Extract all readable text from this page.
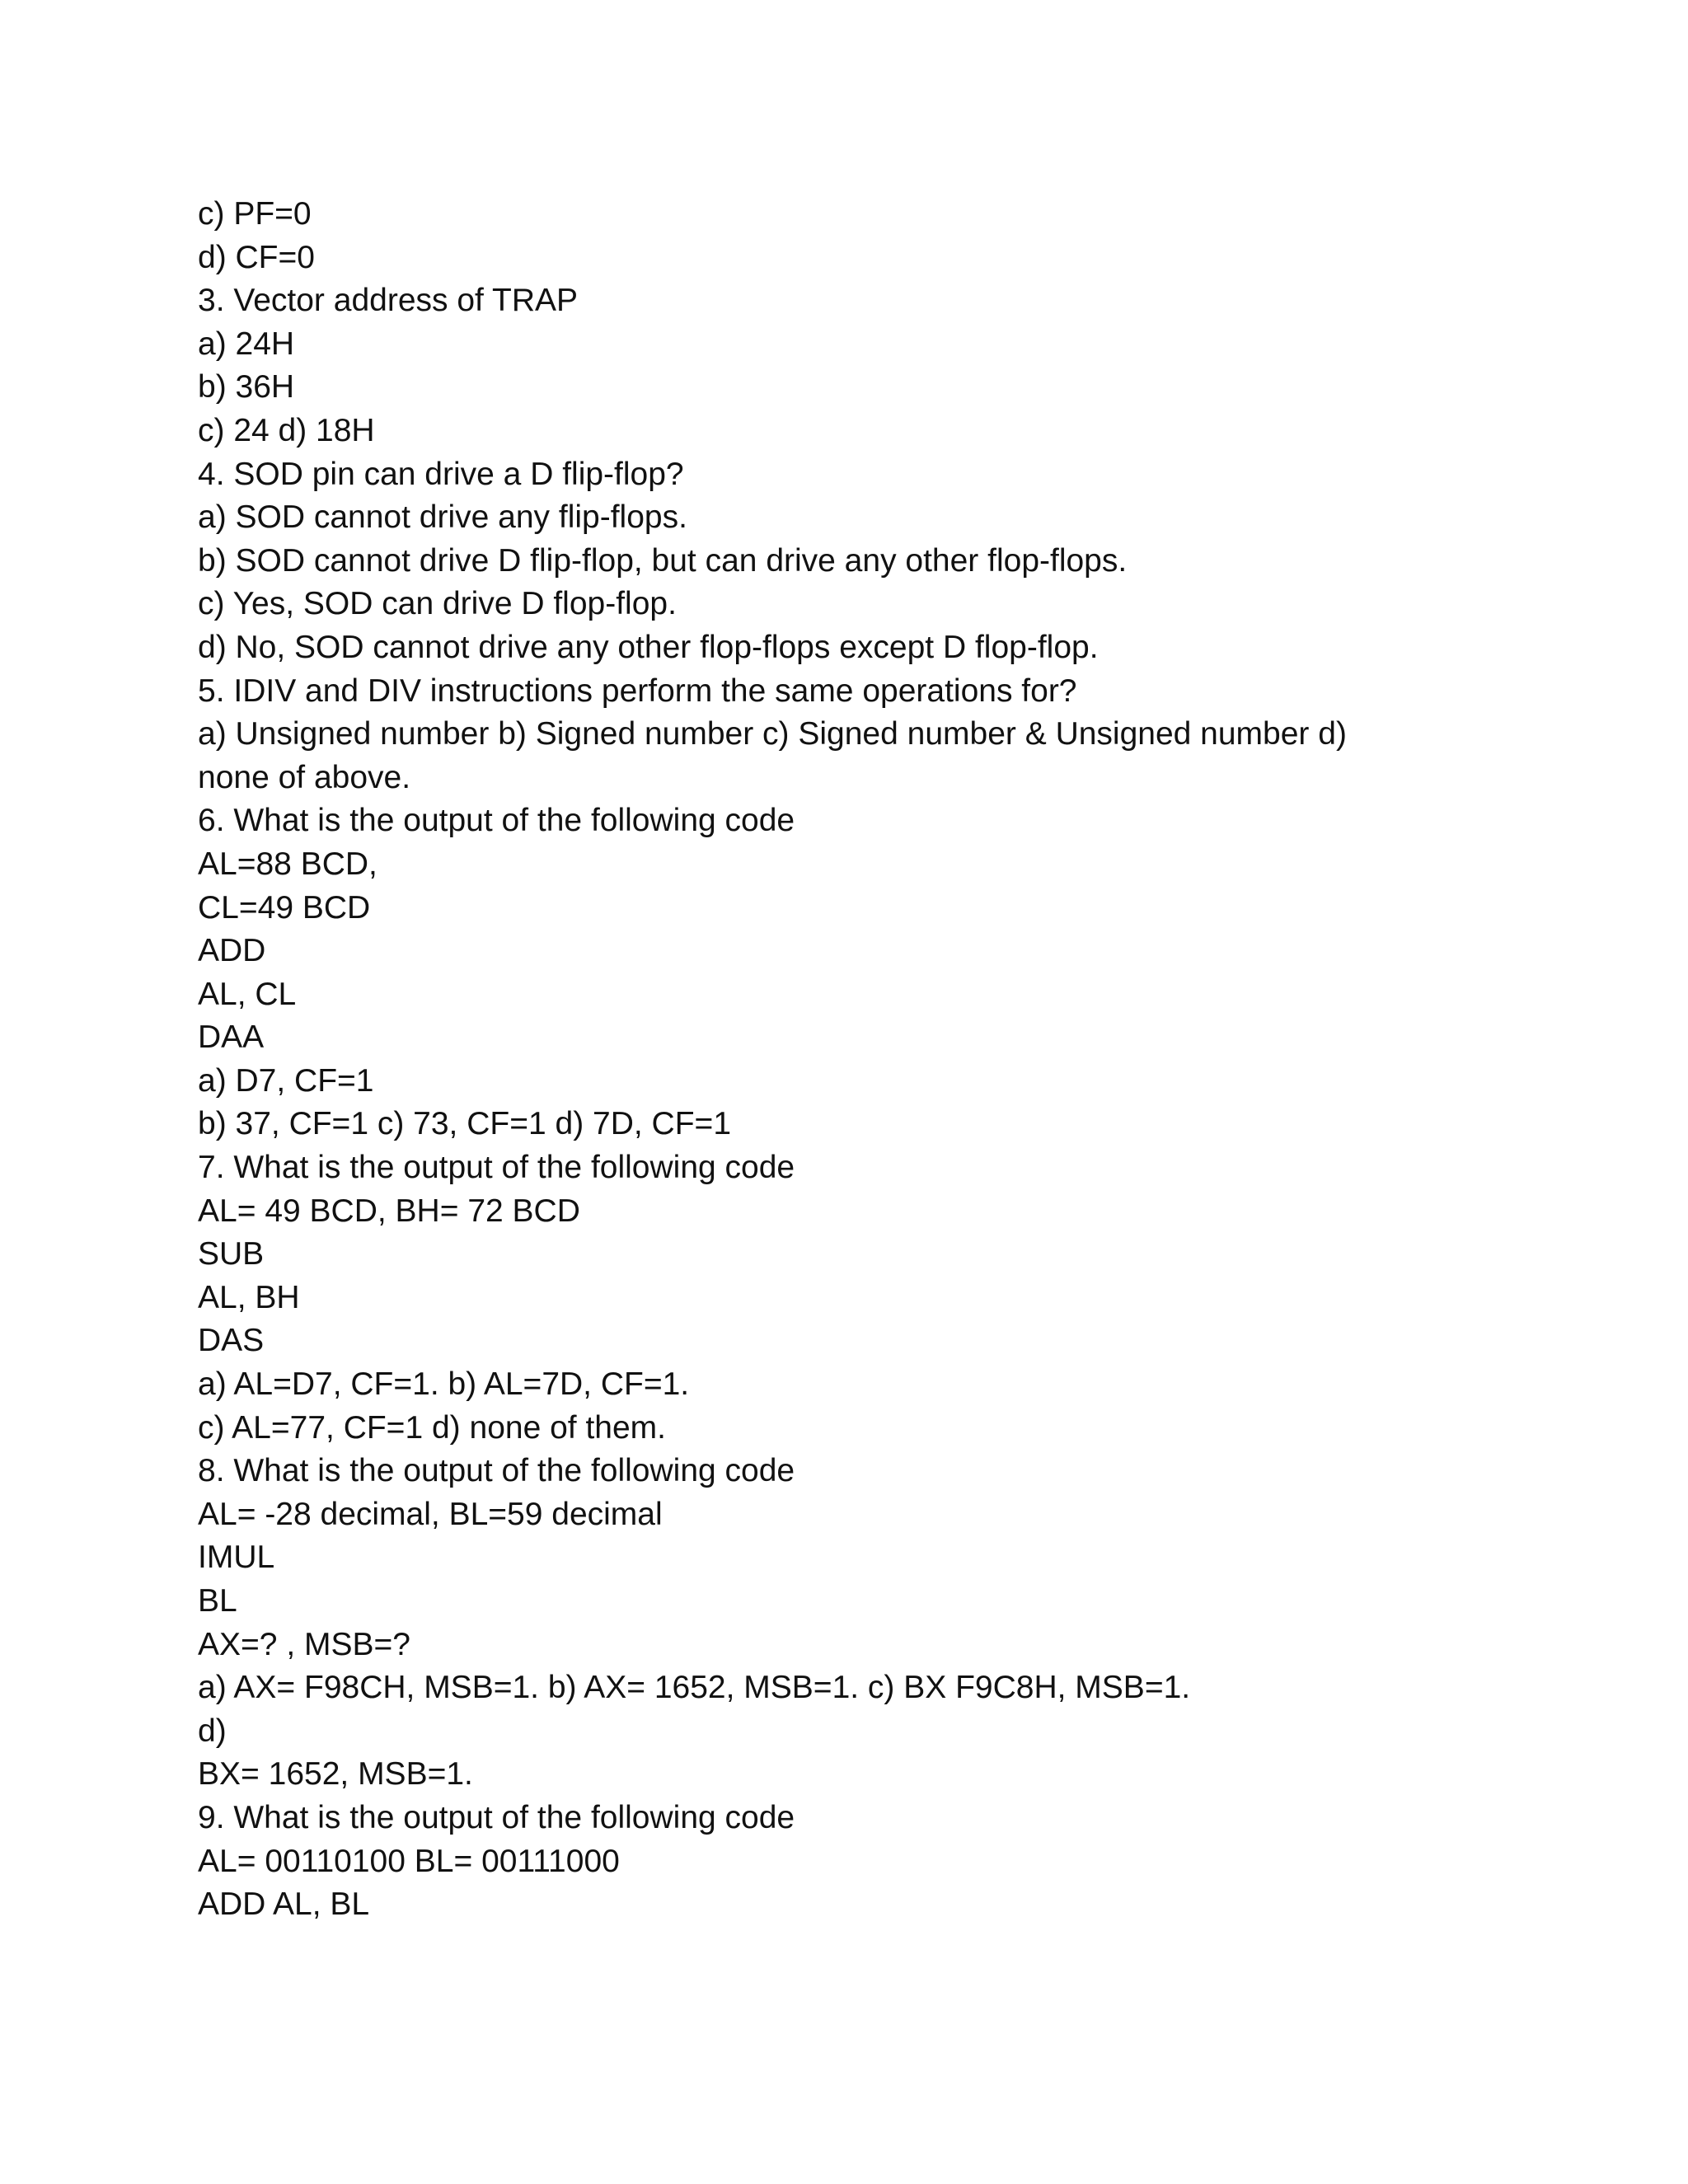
c) PF=0

d) CF=0

3. Vector address of TRAP

a) 24H

b) 36H

c) 24 d) 18H

4. SOD pin can drive a D flip-flop?

a) SOD cannot drive any flip-flops.

b) SOD cannot drive D flip-flop, but can drive any other flop-flops.

c) Yes, SOD can drive D flop-flop.

d) No, SOD cannot drive any other flop-flops except D flop-flop.

5. IDIV and DIV instructions perform the same operations for?

a) Unsigned number b) Signed number c) Signed number & Unsigned number d)

none of above.

6. What is the output of the following code

AL=88 BCD,

CL=49 BCD

ADD

AL, CL

DAA

a) D7, CF=1

b) 37, CF=1 c) 73, CF=1 d) 7D, CF=1

7. What is the output of the following code

AL= 49 BCD, BH= 72 BCD

SUB

AL, BH

DAS

a) AL=D7, CF=1. b) AL=7D, CF=1.

c) AL=77, CF=1 d) none of them.

8. What is the output of the following code

AL= -28 decimal, BL=59 decimal

IMUL

BL

AX=? , MSB=?

a) AX= F98CH, MSB=1. b) AX= 1652, MSB=1. c) BX F9C8H, MSB=1.

d)

BX= 1652, MSB=1.

9. What is the output of the following code

AL= 00110100 BL= 00111000

ADD AL, BL
